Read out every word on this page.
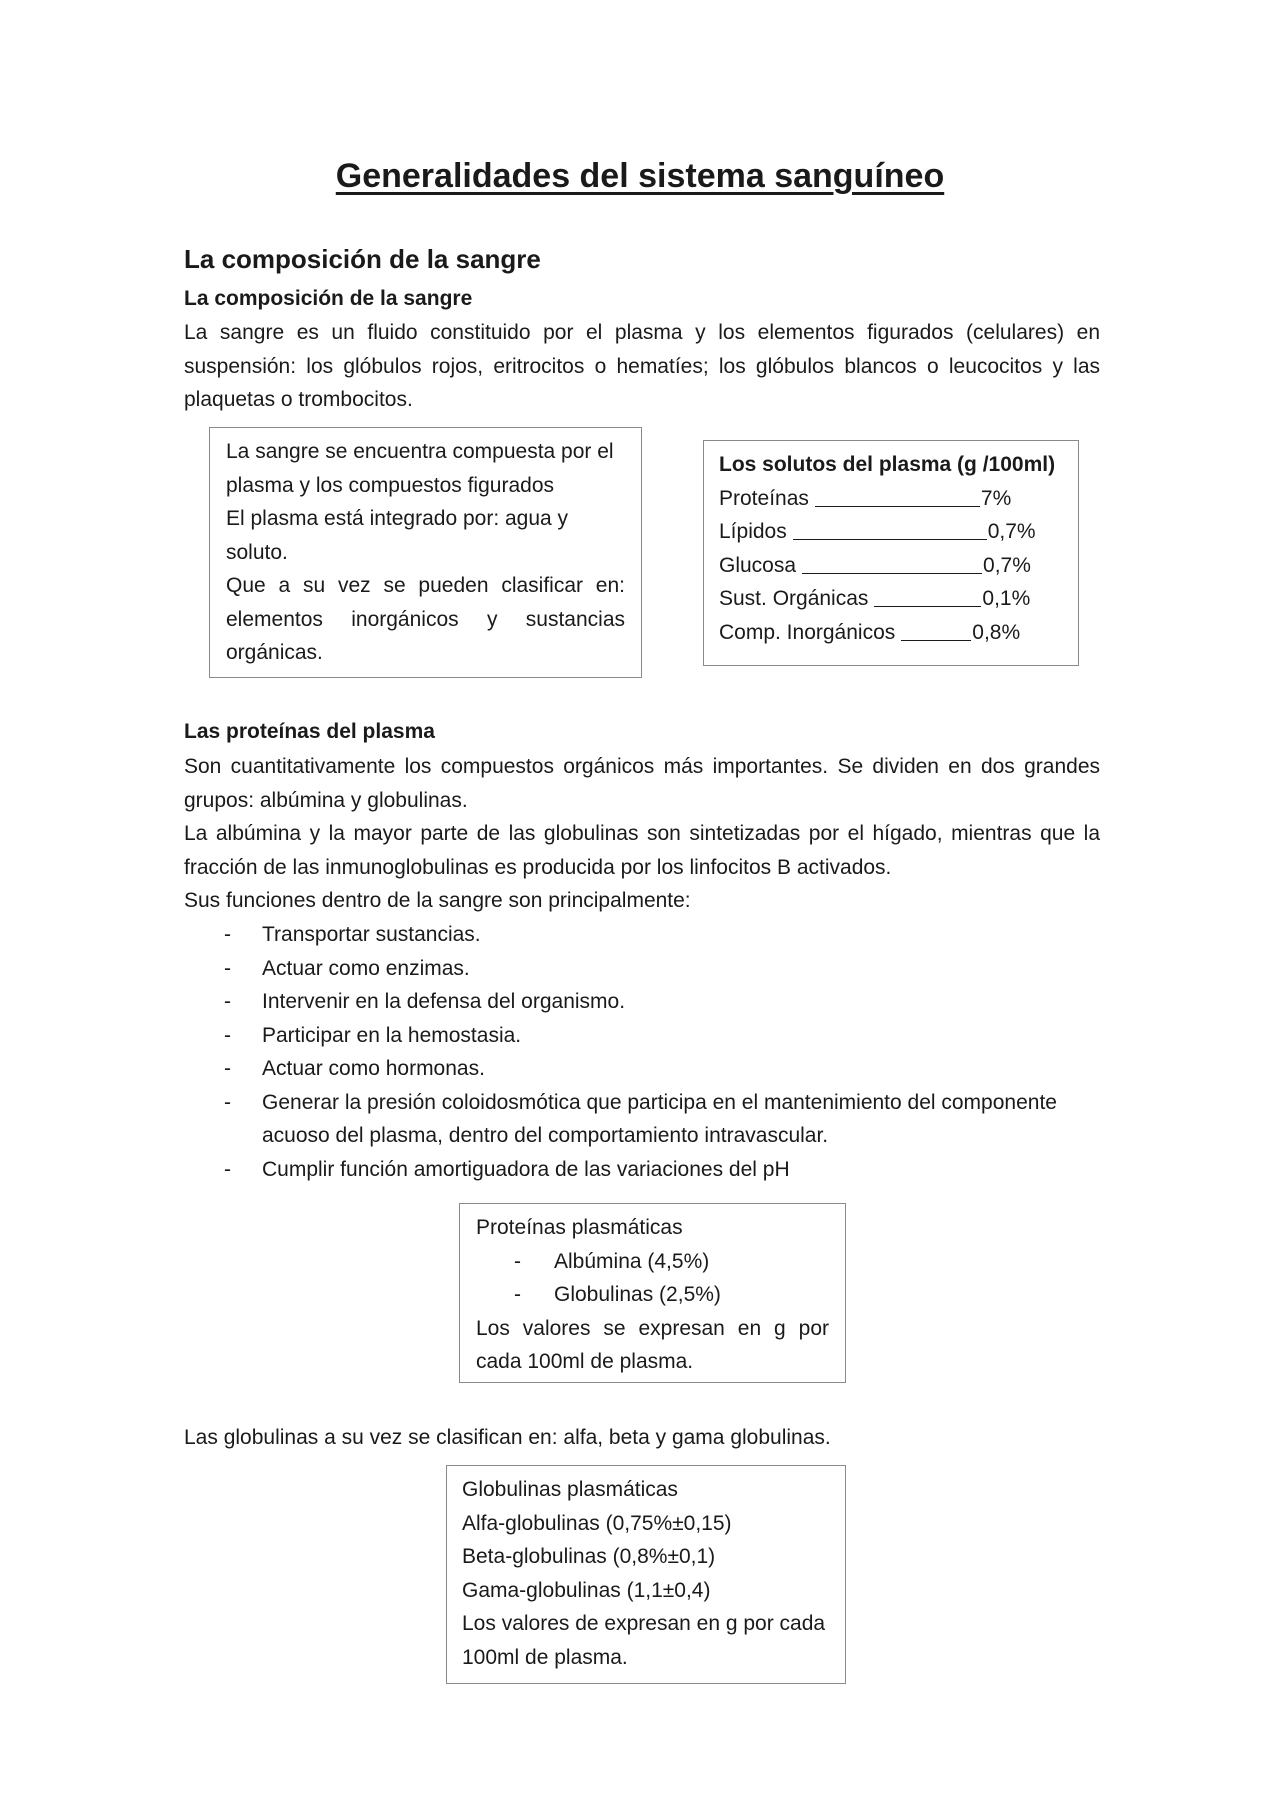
Generalidades del sistema sanguíneo
La composición de la sangre
La composición de la sangre
La sangre es un fluido constituido por el plasma y los elementos figurados (celulares) en suspensión: los glóbulos rojos, eritrocitos o hematíes; los glóbulos blancos o leucocitos y las plaquetas o trombocitos.
La sangre se encuentra compuesta por el plasma y los compuestos figurados
El plasma está integrado por: agua y soluto.
Que a su vez se pueden clasificar en: elementos inorgánicos y sustancias orgánicas.
Los solutos del plasma (g /100ml)
Proteínas	7%
Lípidos	0,7%
Glucosa	0,7%
Sust. Orgánicas	0,1%
Comp. Inorgánicos	0,8%
Las proteínas del plasma
Son cuantitativamente los compuestos orgánicos más importantes. Se dividen en dos grandes grupos: albúmina y globulinas.
La albúmina y la mayor parte de las globulinas son sintetizadas por el hígado, mientras que la fracción de las inmunoglobulinas es producida por los linfocitos B activados.
Sus funciones dentro de la sangre son principalmente:
- Transportar sustancias.
- Actuar como enzimas.
- Intervenir en la defensa del organismo.
- Participar en la hemostasia.
- Actuar como hormonas.
- Generar la presión coloidosmótica que participa en el mantenimiento del componente acuoso del plasma, dentro del comportamiento intravascular.
- Cumplir función amortiguadora de las variaciones del pH
Proteínas plasmáticas
- Albúmina (4,5%)
- Globulinas (2,5%)
Los valores se expresan en g por cada 100ml de plasma.
Las globulinas a su vez se clasifican en: alfa, beta y gama globulinas.
Globulinas plasmáticas
Alfa-globulinas (0,75%±0,15)
Beta-globulinas (0,8%±0,1)
Gama-globulinas (1,1±0,4)
Los valores de expresan en g por cada 100ml de plasma.
